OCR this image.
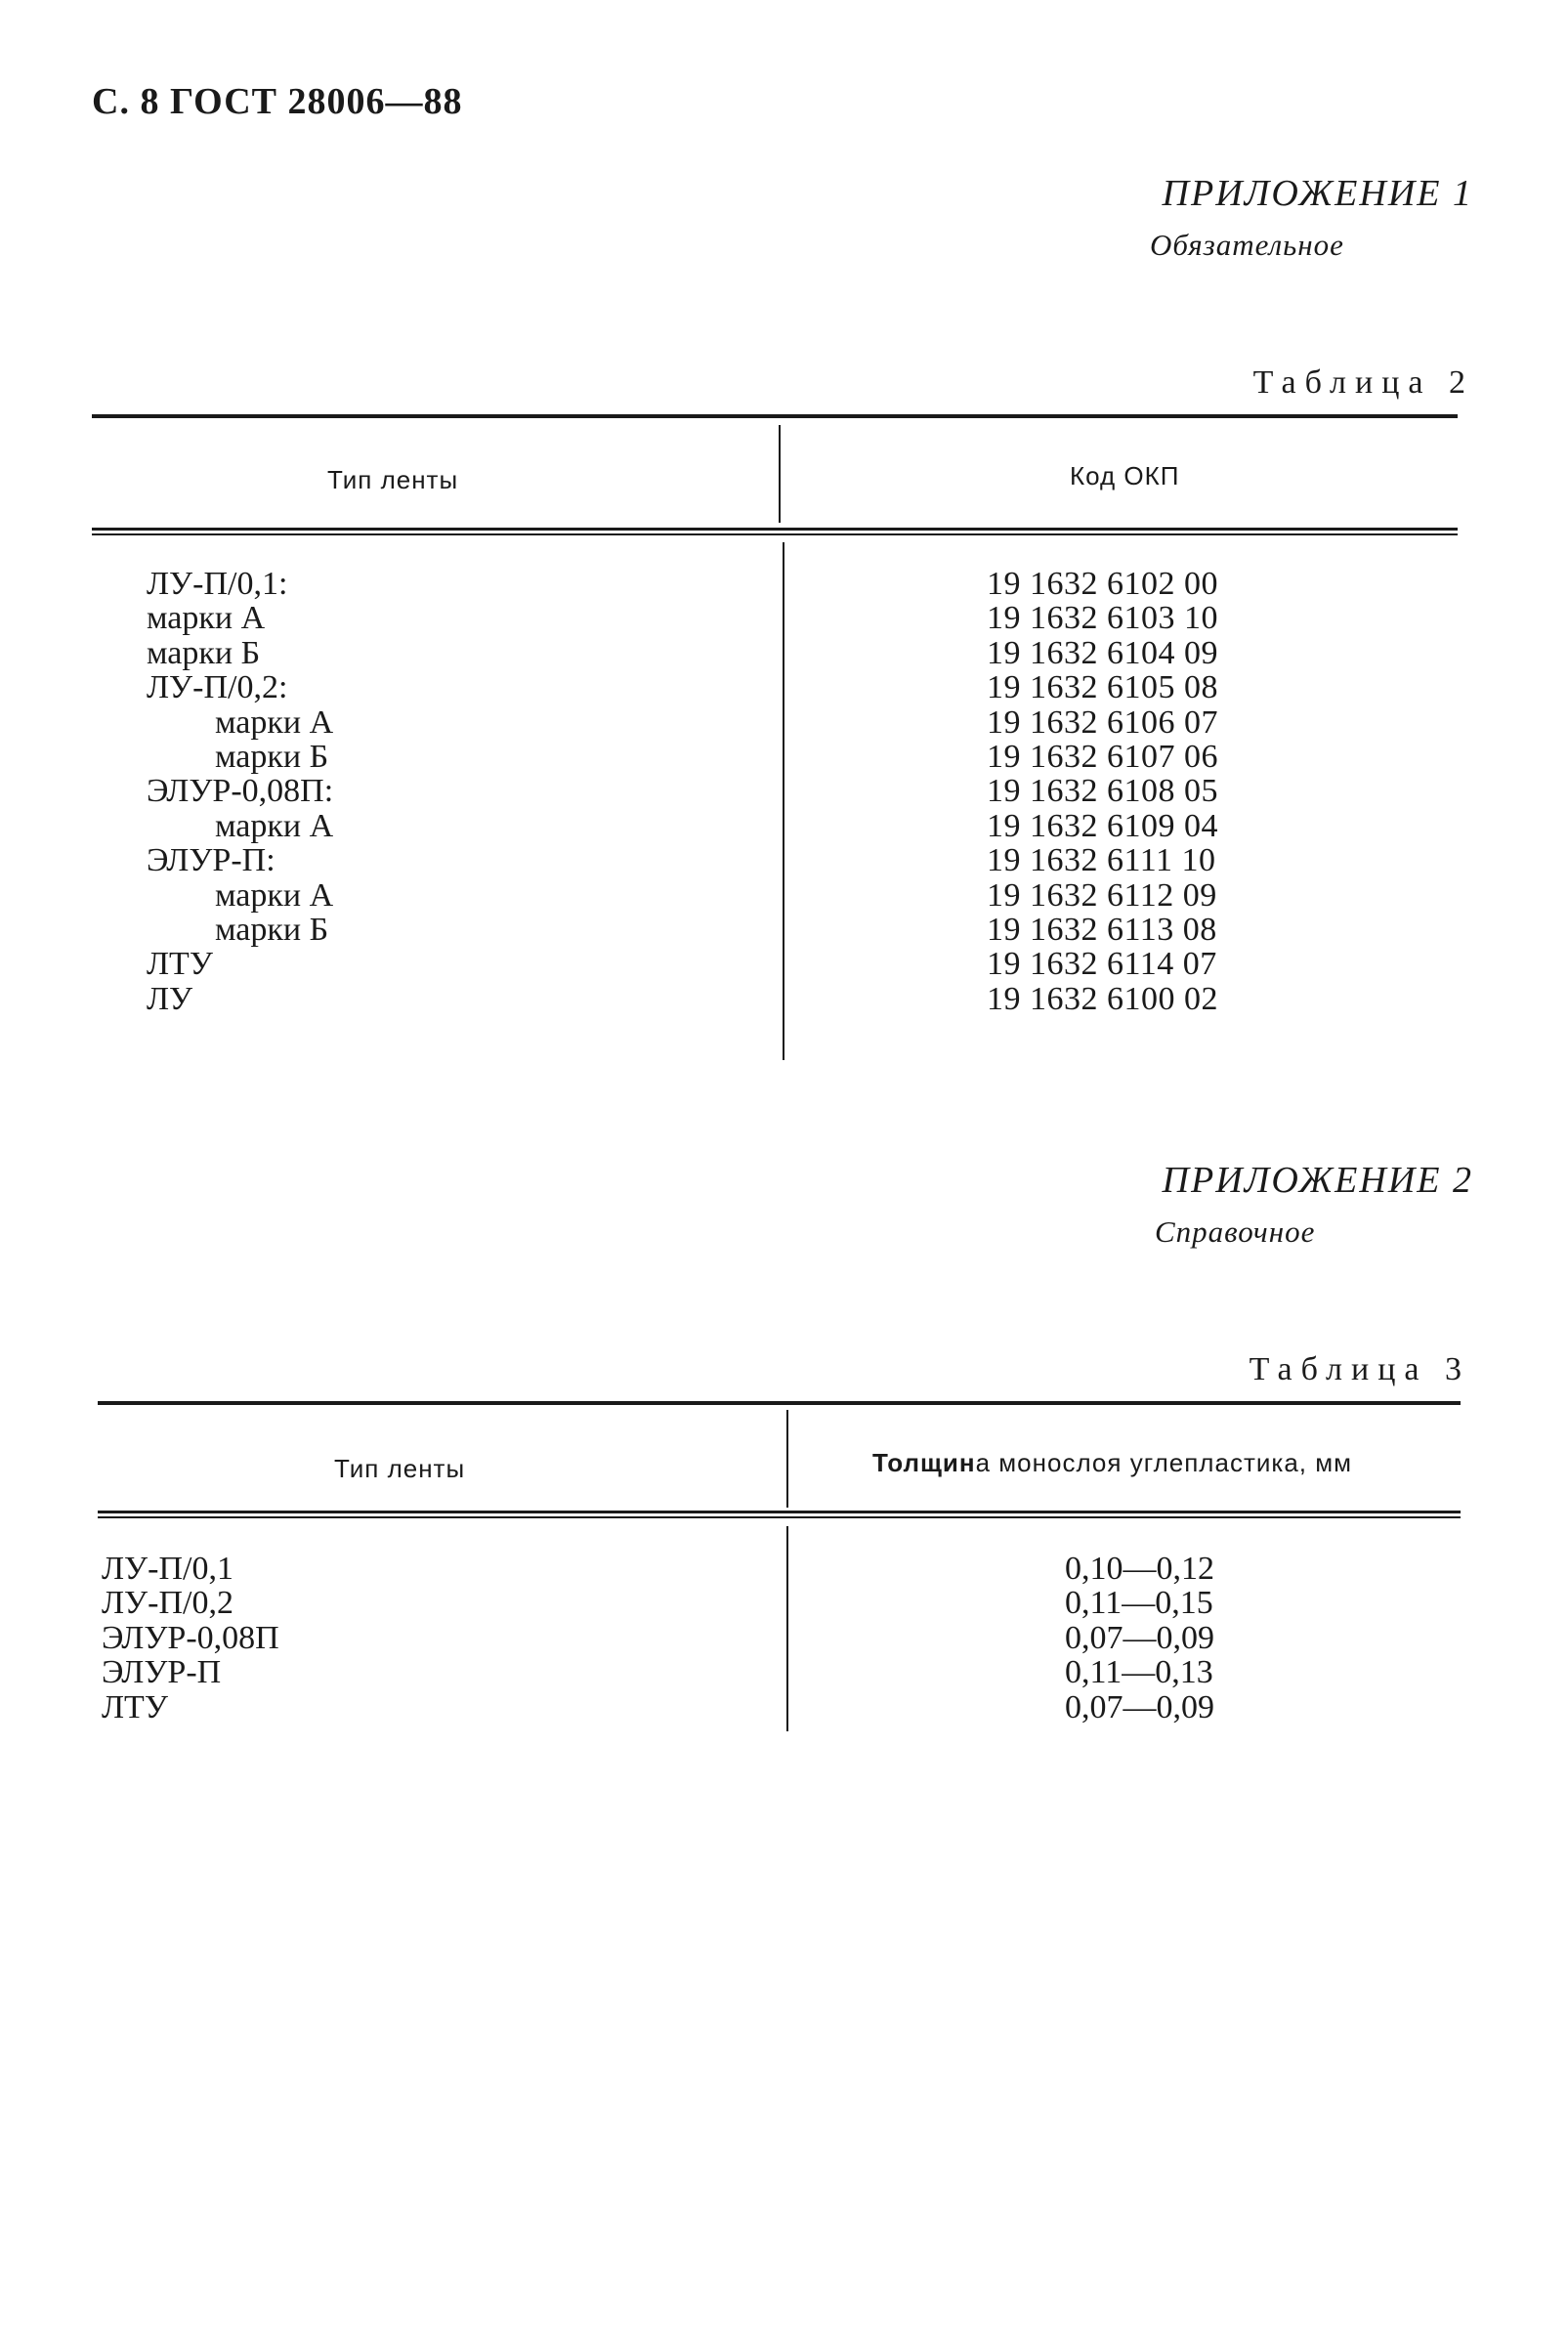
С. 8 ГОСТ 28006—88
ПРИЛОЖЕНИЕ 1
Обязательное
Таблица 2
Тип ленты	Код ОКП
ЛУ-П/0,1:
марки А
марки Б
ЛУ-П/0,2:
марки А
марки Б
ЭЛУР-0,08П:
марки А
ЭЛУР-П:
марки А
марки Б
ЛТУ
ЛУ
19 1632 6102 00
19 1632 6103 10
19 1632 6104 09
19 1632 6105 08
19 1632 6106 07
19 1632 6107 06
19 1632 6108 05
19 1632 6109 04
19 1632 6111 10
19 1632 6112 09
19 1632 6113 08
19 1632 6114 07
19 1632 6100 02
ПРИЛОЖЕНИЕ 2
Справочное
Таблица 3
Тип ленты	Толщина монослоя углепластика, мм
ЛУ-П/0,1
ЛУ-П/0,2
ЭЛУР-0,08П
ЭЛУР-П
ЛТУ
0,10—0,12
0,11—0,15
0,07—0,09
0,11—0,13
0,07—0,09
